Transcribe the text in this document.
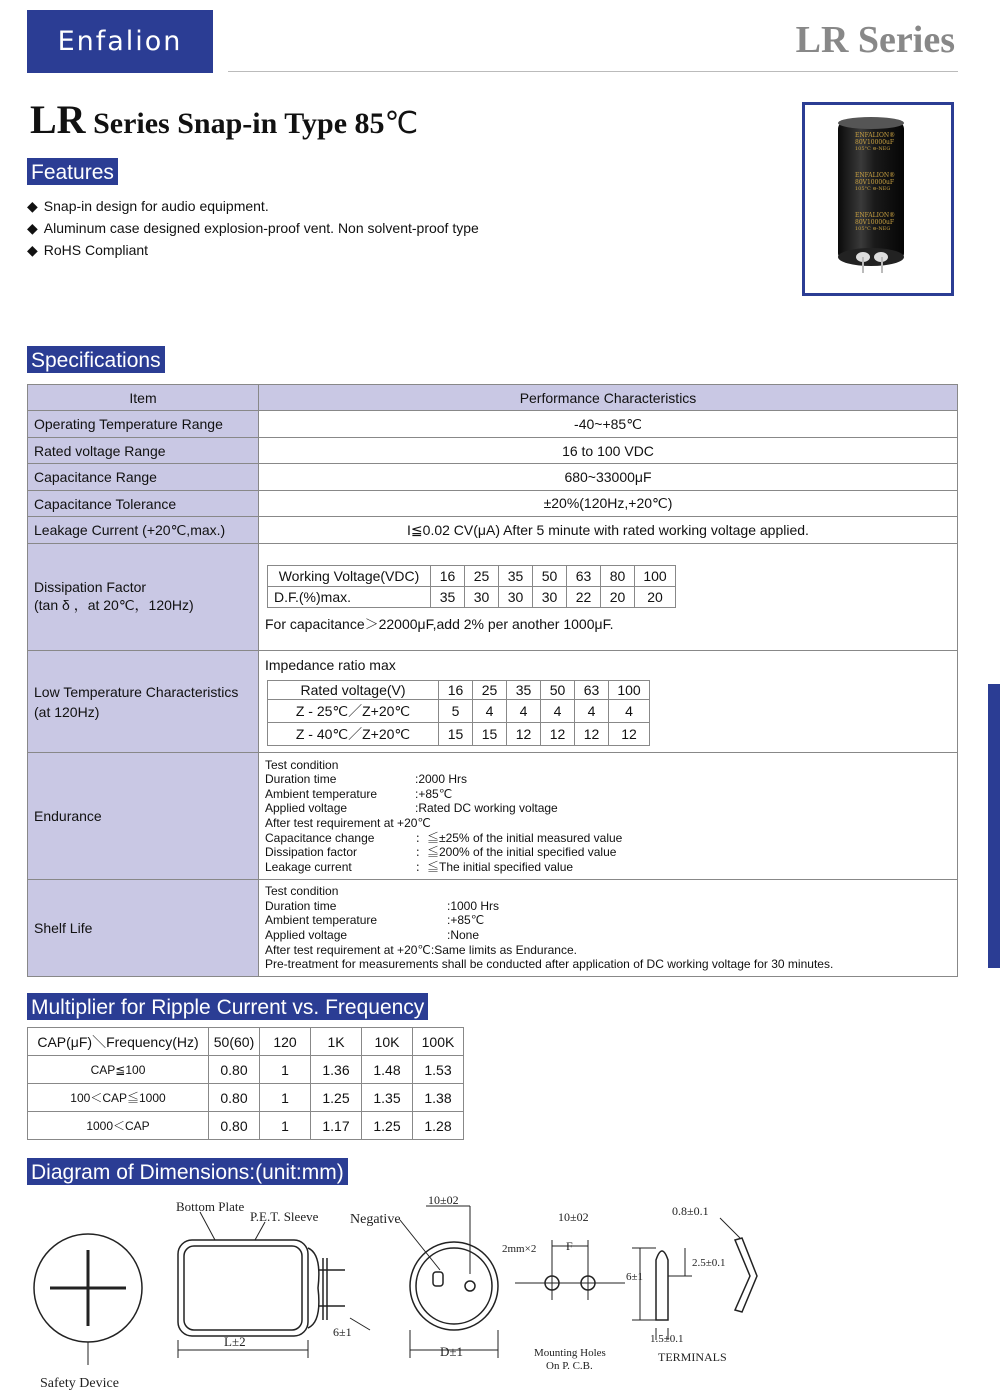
Enfalion	LR Series
LR Series Snap-in Type 85℃	ENFALION®
80V10000uF
105°C ⊖-NEG
ENFALION®
80V10000uF
105°C ⊖-NEG
ENFALION®
80V10000uF
105°C ⊖-NEG
Features
◆ Snap-in design for audio equipment.
◆ Aluminum case designed explosion-proof vent. Non solvent-proof type
◆ RoHS Compliant
Specifications
Item	Performance Characteristics
Operating Temperature Range	-40~+85℃
Rated voltage Range	16 to 100 VDC
Capacitance Range	680~33000μF
Capacitance Tolerance	±20%(120Hz,+20℃)
Leakage Current (+20℃,max.)	I≦0.02 CV(μA) After 5 minute with rated working voltage applied.

Dissipation Factor
(tan δ ，at 20℃，120Hz)

Working Voltage(VDC)	16	25	35	50	63	80	100
D.F.(%)max.	35	30	30	30	22	20	20
For capacitance＞22000μF,add 2% per another 1000μF.

Low Temperature Characteristics
(at 120Hz)

Impedance ratio max
Rated voltage(V)	16	25	35	50	63	100
Z - 25℃／Z+20℃	5	4	4	4	4	4
Z - 40℃／Z+20℃	15	15	12	12	12	12

Endurance	
Test condition
Duration time	:2000 Hrs
Ambient temperature	:+85℃
Applied voltage	:Rated DC working voltage
After test requirement at +20℃
Capacitance change	：≦±25% of the initial measured value
Dissipation factor	：≦200% of the initial specified value
Leakage current	：≦The initial specified value

Shelf Life	
Test condition
Duration time	:1000 Hrs
Ambient temperature	:+85℃
Applied voltage	:None
After test requirement at +20℃:Same limits as Endurance.
Pre-treatment for measurements shall be conducted after application of DC working voltage for 30 minutes.
Multiplier for Ripple Current vs. Frequency
CAP(μF)＼Frequency(Hz)	50(60)	120	1K	10K	100K
CAP≦100	0.80	1	1.36	1.48	1.53
100＜CAP≦1000	0.80	1	1.25	1.35	1.38
1000＜CAP	0.80	1	1.17	1.25	1.28
Diagram of Dimensions:(unit:mm)
Safety Device
Bottom Plate
P.E.T. Sleeve
L±2
6±1
Negative
10±02
2mm×2
D±1
10±02
F
Mounting Holes
On P. C.B.
0.8±0.1
2.5±0.1
6±1
1.5±0.1
TERMINALS
